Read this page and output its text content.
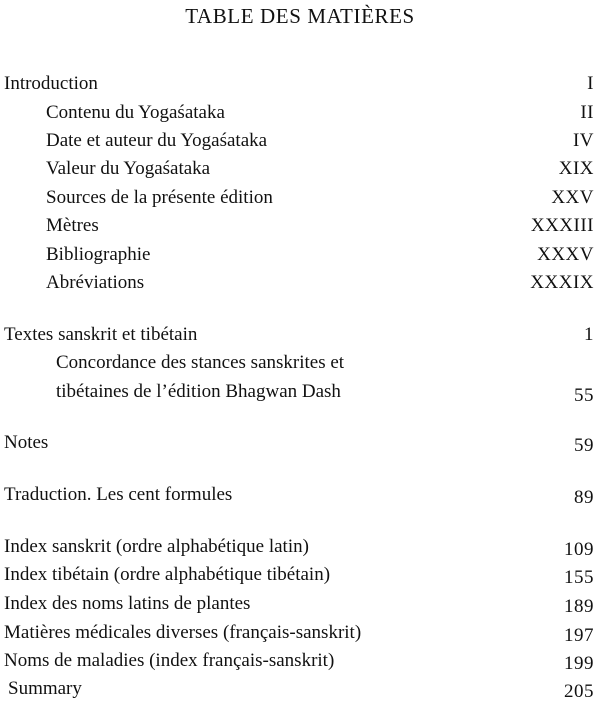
TABLE DES MATIÈRES
Introduction	I
Contenu du Yogaśataka	II
Date et auteur du Yogaśataka	IV
Valeur du Yogaśataka	XIX
Sources de la présente édition	XXV
Mètres	XXXIII
Bibliographie	XXXV
Abréviations	XXXIX
Textes sanskrit et tibétain	1
Concordance des stances sanskrites et
tibétaines de l’édition Bhagwan Dash	55
Notes	59
Traduction. Les cent formules	89
Index sanskrit (ordre alphabétique latin)	109
Index tibétain (ordre alphabétique tibétain)	155
Index des noms latins de plantes	189
Matières médicales diverses (français-sanskrit)	197
Noms de maladies (index français-sanskrit)	199
Summary	205
